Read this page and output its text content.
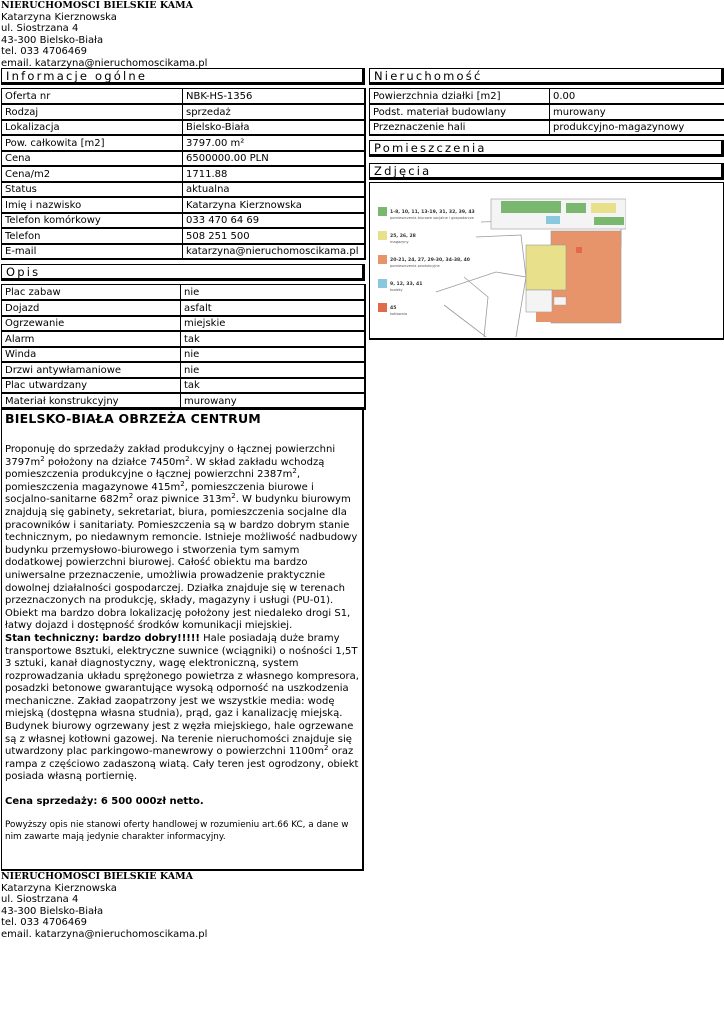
NIERUCHOMOŚCI BIELSKIE KAMA
Katarzyna Kierznowska
ul. Siostrzana 4
43-300 Bielsko-Biała
tel. 033 4706469
email. katarzyna@nieruchomoscikama.pl
Informacje ogólne
Oferta nr	NBK-HS-1356
Rodzaj	sprzedaż
Lokalizacja	Bielsko-Biała
Pow. całkowita [m2]	3797.00 m²
Cena	6500000.00 PLN
Cena/m2	1711.88
Status	aktualna
Imię i nazwisko	Katarzyna Kierznowska
Telefon komórkowy	033 470 64 69
Telefon	508 251 500
E-mail	katarzyna@nieruchomoscikama.pl
Opis
Plac zabaw	nie
Dojazd	asfalt
Ogrzewanie	miejskie
Alarm	tak
Winda	nie
Drzwi antywłamaniowe	nie
Plac utwardzany	tak
Materiał konstrukcyjny	murowany
Nieruchomość
Powierzchnia działki [m2]	0.00
Podst. materiał budowlany	murowany
Przeznaczenie hali	produkcyjno-magazynowy
Pomieszczenia
Zdjęcia
1-8, 10, 11, 13-19, 31, 32, 39, 43
pomieszczenia biurowe socjalne i gospodarcze
25, 26, 28
magazyny
20-21, 24, 27, 29-30, 34-38, 40
pomieszczenia produkcyjne
9, 12, 33, 41
toalety
45
kotłownia
BIELSKO-BIAŁA OBRZEŻA CENTRUM
Proponuję do sprzedaży zakład produkcyjny o łącznej powierzchni $3797m^2$ położony na działce $7450m^2$. W skład zakładu wchodzą pomieszczenia produkcyjne o łącznej powierzchni $2387m^2$, pomieszczenia magazynowe $415m^2$, pomieszczenia biurowe i socjalno-sanitarne $682m^2$ oraz piwnice $313m^2$. W budynku biurowym znajdują się gabinety, sekretariat, biura, pomieszczenia socjalne dla pracowników i sanitariaty. Pomieszczenia są w bardzo dobrym stanie technicznym, po niedawnym remoncie. Istnieje możliwość nadbudowy budynku przemysłowo-biurowego i stworzenia tym samym dodatkowej powierzchni biurowej. Całość obiektu ma bardzo uniwersalne przeznaczenie, umożliwia prowadzenie praktycznie dowolnej działalności gospodarczej. Działka znajduje się w terenach przeznaczonych na produkcję, składy, magazyny i usługi (PU-01). Obiekt ma bardzo dobra lokalizację położony jest niedaleko drogi S1, łatwy dojazd i dostępność środków komunikacji miejskiej.
Stan techniczny: bardzo dobry!!!!! Hale posiadają duże bramy transportowe 8sztuki, elektryczne suwnice (wciągniki) o nośności 1,5T 3 sztuki, kanał diagnostyczny, wagę elektroniczną, system rozprowadzania układu sprężonego powietrza z własnego kompresora, posadzki betonowe gwarantujące wysoką odporność na uszkodzenia mechaniczne. Zakład zaopatrzony jest we wszystkie media: wodę miejską (dostępna własna studnia), prąd, gaz i kanalizację miejską. Budynek biurowy ogrzewany jest z węzła miejskiego, hale ogrzewane są z własnej kotłowni gazowej. Na terenie nieruchomości znajduje się utwardzony plac parkingowo-manewrowy o powierzchni $1100m^2$ oraz rampa z częściowo zadaszoną wiatą. Cały teren jest ogrodzony, obiekt posiada własną portiernię.
Cena sprzedaży: 6 500 000zł netto.
Powyższy opis nie stanowi oferty handlowej w rozumieniu art.66 KC, a dane w nim zawarte mają jedynie charakter informacyjny.
NIERUCHOMOŚCI BIELSKIE KAMA
Katarzyna Kierznowska
ul. Siostrzana 4
43-300 Bielsko-Biała
tel. 033 4706469
email. katarzyna@nieruchomoscikama.pl
